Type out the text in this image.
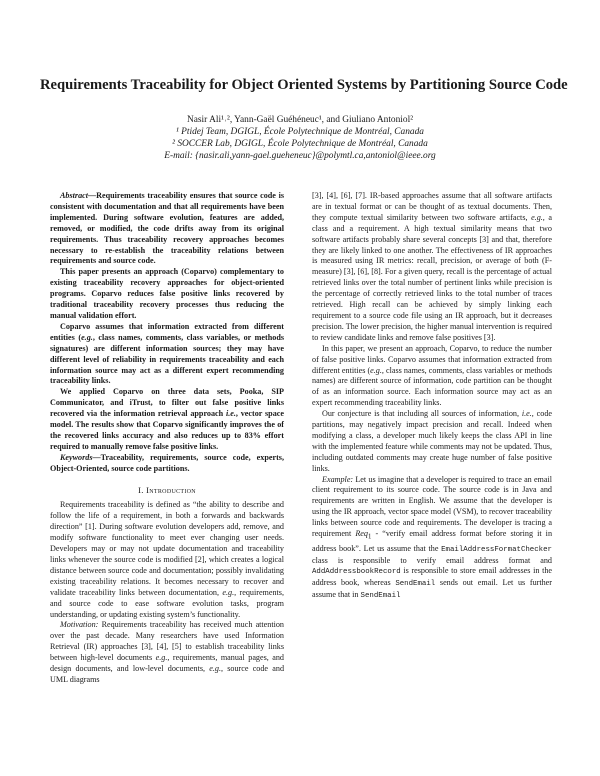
Requirements Traceability for Object Oriented Systems by Partitioning Source Code
Nasir Ali¹˒², Yann-Gaël Guéhéneuc¹, and Giuliano Antoniol²
¹ Ptidej Team, DGIGL, École Polytechnique de Montréal, Canada
² SOCCER Lab, DGIGL, École Polytechnique de Montréal, Canada
E-mail: {nasir.ali,yann-gael.gueheneuc}@polymtl.ca,antoniol@ieee.org

Abstract—Requirements traceability ensures that source code is consistent with documentation and that all requirements have been implemented. During software evolution, features are added, removed, or modified, the code drifts away from its original requirements. Thus traceability recovery approaches becomes necessary to re-establish the traceability relations between requirements and source code.

This paper presents an approach (Coparvo) complementary to existing traceability recovery approaches for object-oriented programs. Coparvo reduces false positive links recovered by traditional traceability recovery processes thus reducing the manual validation effort.

Coparvo assumes that information extracted from different entities (e.g., class names, comments, class variables, or methods signatures) are different information sources; they may have different level of reliability in requirements traceability and each information source may act as a different expert recommending traceability links.

We applied Coparvo on three data sets, Pooka, SIP Communicator, and iTrust, to filter out false positive links recovered via the information retrieval approach i.e., vector space model. The results show that Coparvo significantly improves the of the recovered links accuracy and also reduces up to 83% effort required to manually remove false positive links.

Keywords—Traceability, requirements, source code, experts, Object-Oriented, source code partitions.

I. Introduction

Requirements traceability is defined as “the ability to describe and follow the life of a requirement, in both a forwards and backwards direction” [1]. During software evolution developers add, remove, and modify software functionality to meet ever changing user needs. Developers may or may not update documentation and traceability links whenever the source code is modified [2], which creates a logical distance between source code and documentation; possibly invalidating existing traceability relations. It becomes necessary to recover and validate traceability links between documentation, e.g., requirements, and source code to ease software evolution tasks, program understanding, or updating existing system’s functionality.

Motivation: Requirements traceability has received much attention over the past decade. Many researchers have used Information Retrieval (IR) approaches [3], [4], [5] to establish traceability links between high-level documents e.g., requirements, manual pages, and design documents, and low-level documents, e.g., source code and UML diagrams

[3], [4], [6], [7]. IR-based approaches assume that all software artifacts are in textual format or can be thought of as textual documents. Then, they compute textual similarity between two software artifacts, e.g., a class and a requirement. A high textual similarity means that two software artifacts probably share several concepts [3] and that, therefore they are likely linked to one another. The effectiveness of IR approaches is measured using IR metrics: recall, precision, or average of both (F-measure) [3], [6], [8]. For a given query, recall is the percentage of actual retrieved links over the total number of pertinent links while precision is the percentage of correctly retrieved links to the total number of traces retrieved. High recall can be achieved by simply linking each requirement to a source code file using an IR approach, but it decreases precision. The lower precision, the higher manual intervention is required to review candidate links and remove false positives [3].

In this paper, we present an approach, Coparvo, to reduce the number of false positive links. Coparvo assumes that information extracted from different entities (e.g., class names, comments, class variables or methods names) are different source of information, code partition can be thought of as an information source. Each information source may act as an expert recommending traceability links.

Our conjecture is that including all sources of information, i.e., code partitions, may negatively impact precision and recall. Indeed when modifying a class, a developer much likely keeps the class API in line with the implemented feature while comments may not be updated. Thus, including outdated comments may create huge number of false positive links.

Example: Let us imagine that a developer is required to trace an email client requirement to its source code. The source code is in Java and requirements are written in English. We assume that the developer is using the IR approach, vector space model (VSM), to recover traceability links between source code and requirements. The developer is tracing a requirement Req$_1$ - “verify email address format before storing it in address book”. Let us assume that the EmailAddressFormatChecker class is responsible to verify email address format and AddAddressbookRecord is responsible to store email addresses in the address book, whereas SendEmail sends out email. Let us further assume that in SendEmail
